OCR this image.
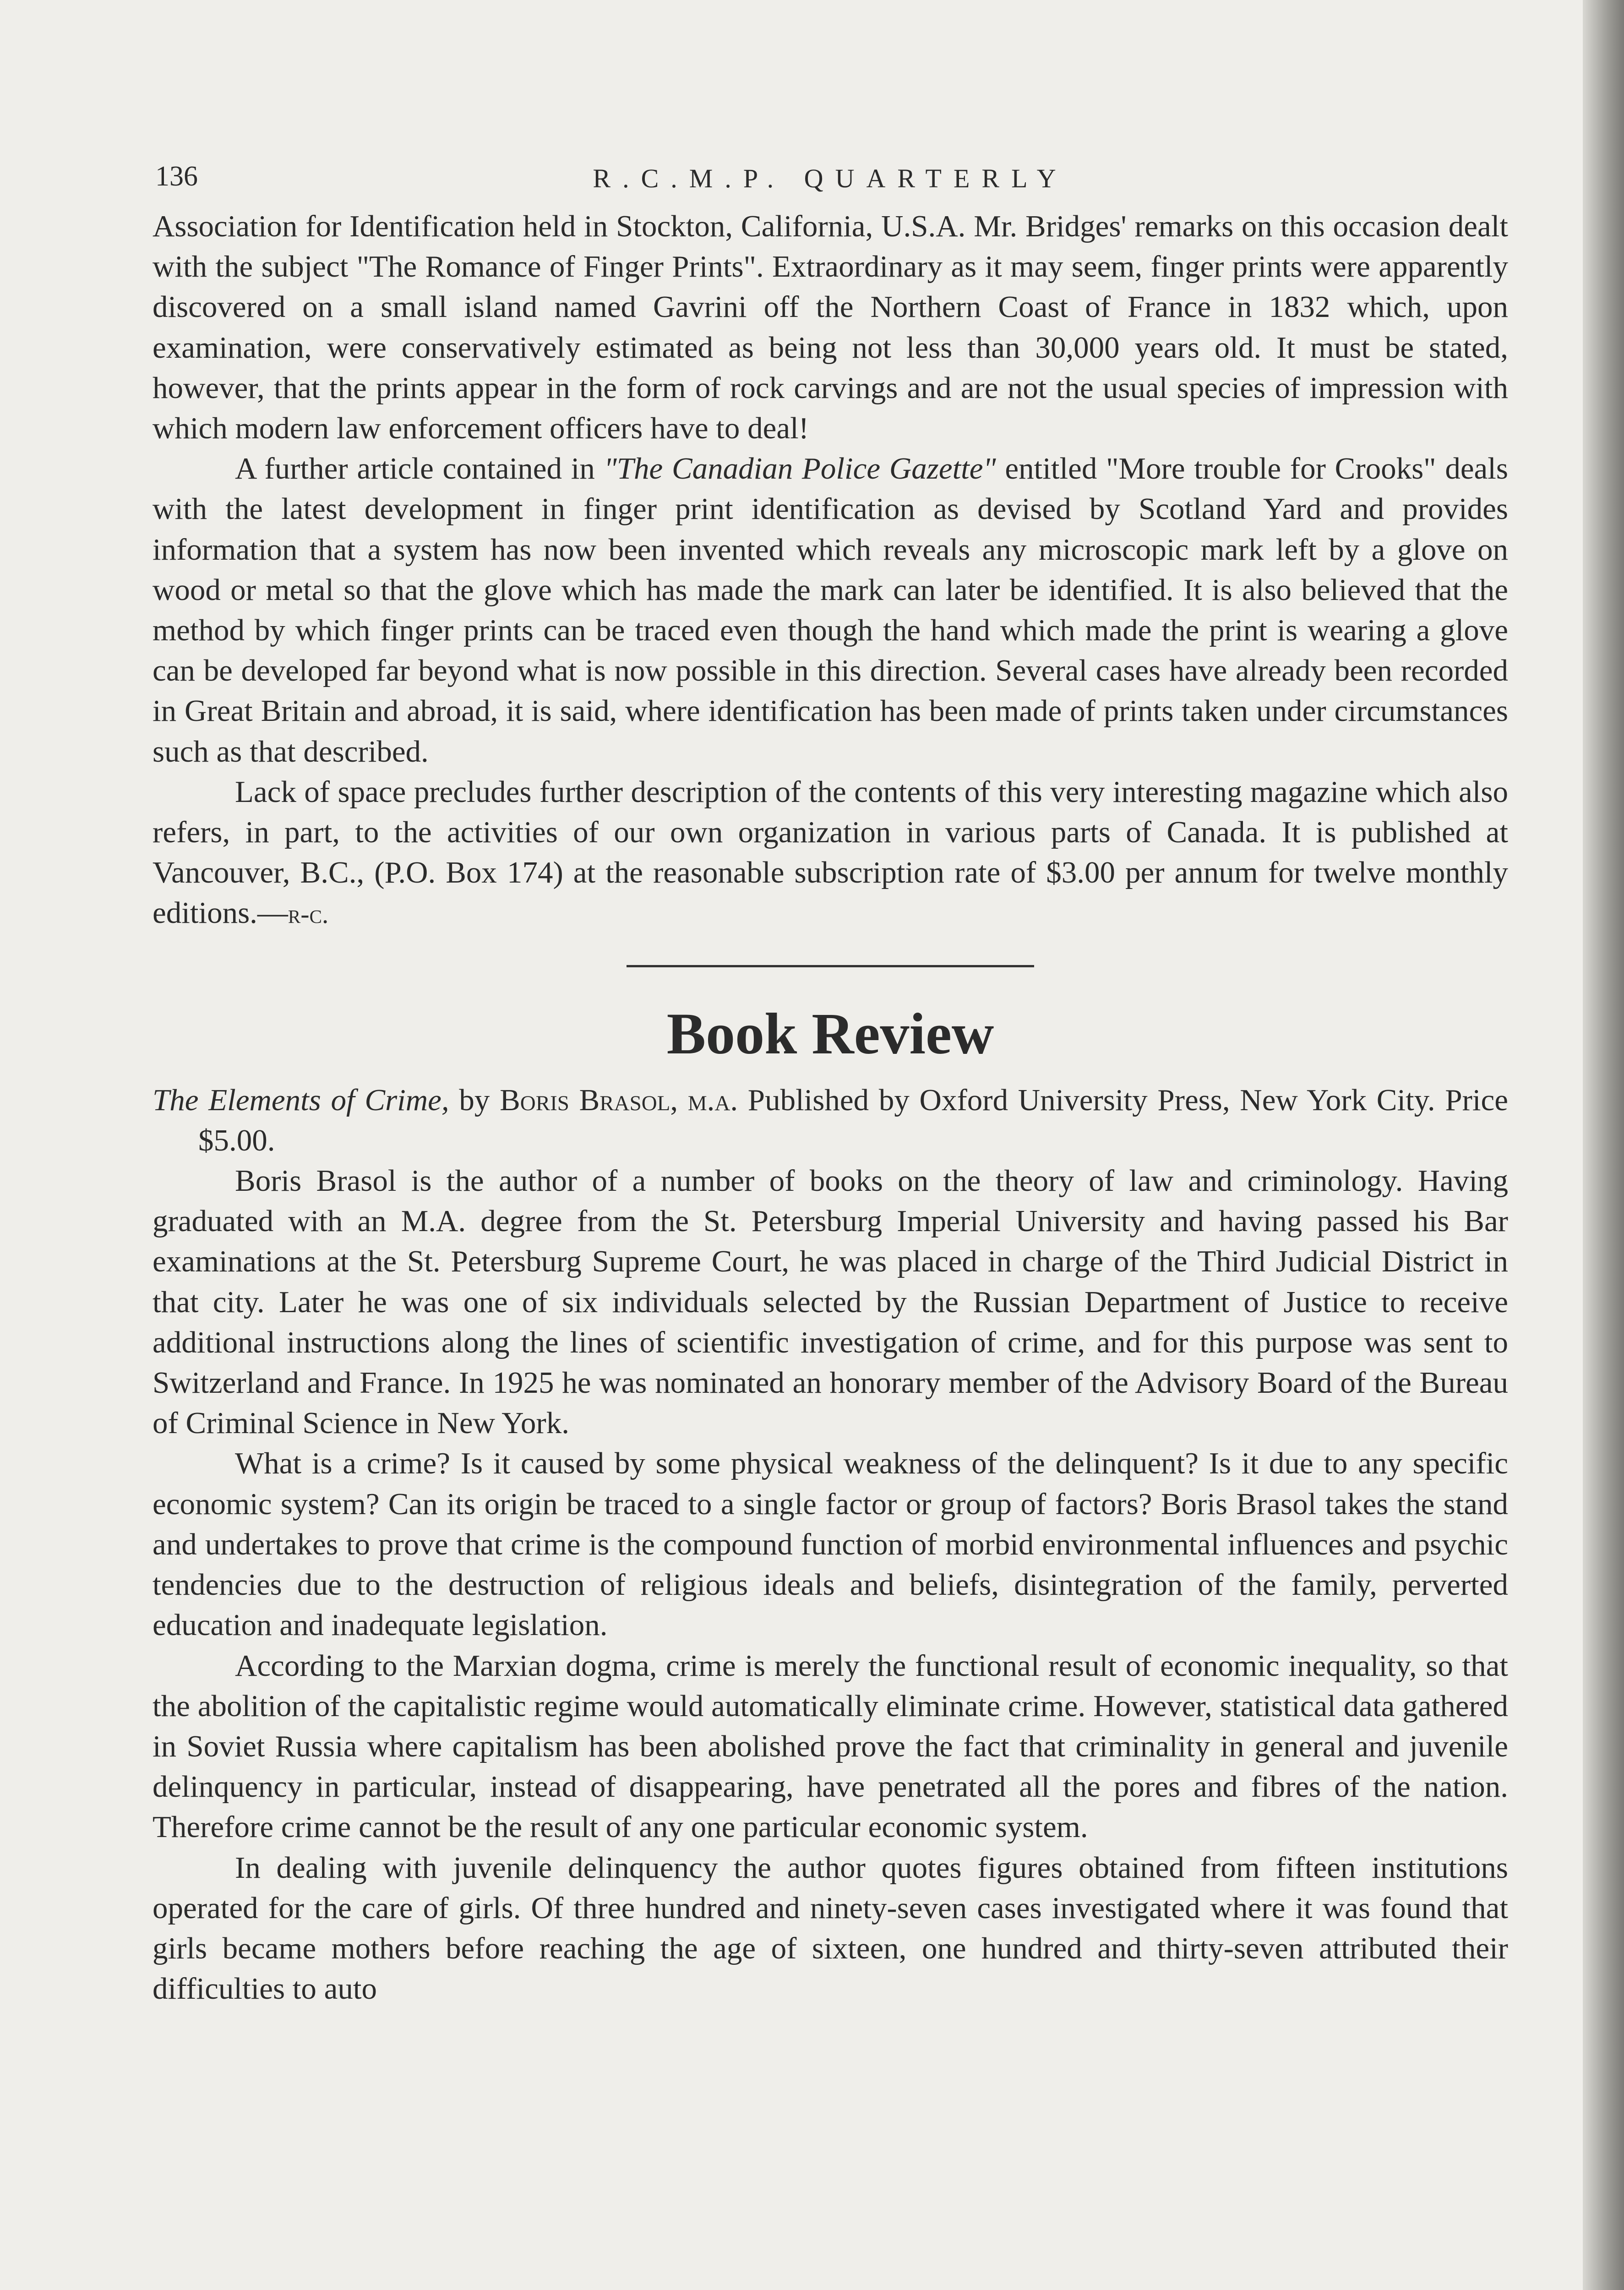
136	R.C.M.P. QUARTERLY

Association for Identification held in Stockton, California, U.S.A. Mr. Bridges' remarks on this occasion dealt with the subject "The Romance of Finger Prints". Extraordinary as it may seem, finger prints were apparently discovered on a small island named Gavrini off the Northern Coast of France in 1832 which, upon examination, were conservatively estimated as being not less than 30,000 years old. It must be stated, however, that the prints appear in the form of rock carvings and are not the usual species of impression with which modern law enforcement officers have to deal!

A further article contained in "The Canadian Police Gazette" entitled "More trouble for Crooks" deals with the latest development in finger print identification as devised by Scotland Yard and provides information that a system has now been invented which reveals any microscopic mark left by a glove on wood or metal so that the glove which has made the mark can later be identified. It is also believed that the method by which finger prints can be traced even though the hand which made the print is wearing a glove can be developed far beyond what is now possible in this direction. Several cases have already been recorded in Great Britain and abroad, it is said, where identification has been made of prints taken under circumstances such as that described.

Lack of space precludes further description of the contents of this very interesting magazine which also refers, in part, to the activities of our own organization in various parts of Canada. It is published at Vancouver, B.C., (P.O. Box 174) at the reasonable subscription rate of $3.00 per annum for twelve monthly editions.—r-c.

Book Review

The Elements of Crime, by Boris Brasol, m.a. Published by Oxford University Press, New York City. Price $5.00.

Boris Brasol is the author of a number of books on the theory of law and criminology. Having graduated with an M.A. degree from the St. Petersburg Imperial University and having passed his Bar examinations at the St. Petersburg Supreme Court, he was placed in charge of the Third Judicial District in that city. Later he was one of six individuals selected by the Russian Department of Justice to receive additional instructions along the lines of scientific investigation of crime, and for this purpose was sent to Switzerland and France. In 1925 he was nominated an honorary member of the Advisory Board of the Bureau of Criminal Science in New York.

What is a crime? Is it caused by some physical weakness of the delinquent? Is it due to any specific economic system? Can its origin be traced to a single factor or group of factors? Boris Brasol takes the stand and undertakes to prove that crime is the compound function of morbid environmental influences and psychic tendencies due to the destruction of religious ideals and beliefs, disintegration of the family, perverted education and inadequate legislation.

According to the Marxian dogma, crime is merely the functional result of economic inequality, so that the abolition of the capitalistic regime would automatically eliminate crime. However, statistical data gathered in Soviet Russia where capitalism has been abolished prove the fact that criminality in general and juvenile delinquency in particular, instead of disappearing, have penetrated all the pores and fibres of the nation. Therefore crime cannot be the result of any one particular economic system.

In dealing with juvenile delinquency the author quotes figures obtained from fifteen institutions operated for the care of girls. Of three hundred and ninety-seven cases investigated where it was found that girls became mothers before reaching the age of sixteen, one hundred and thirty-seven attributed their difficulties to auto
